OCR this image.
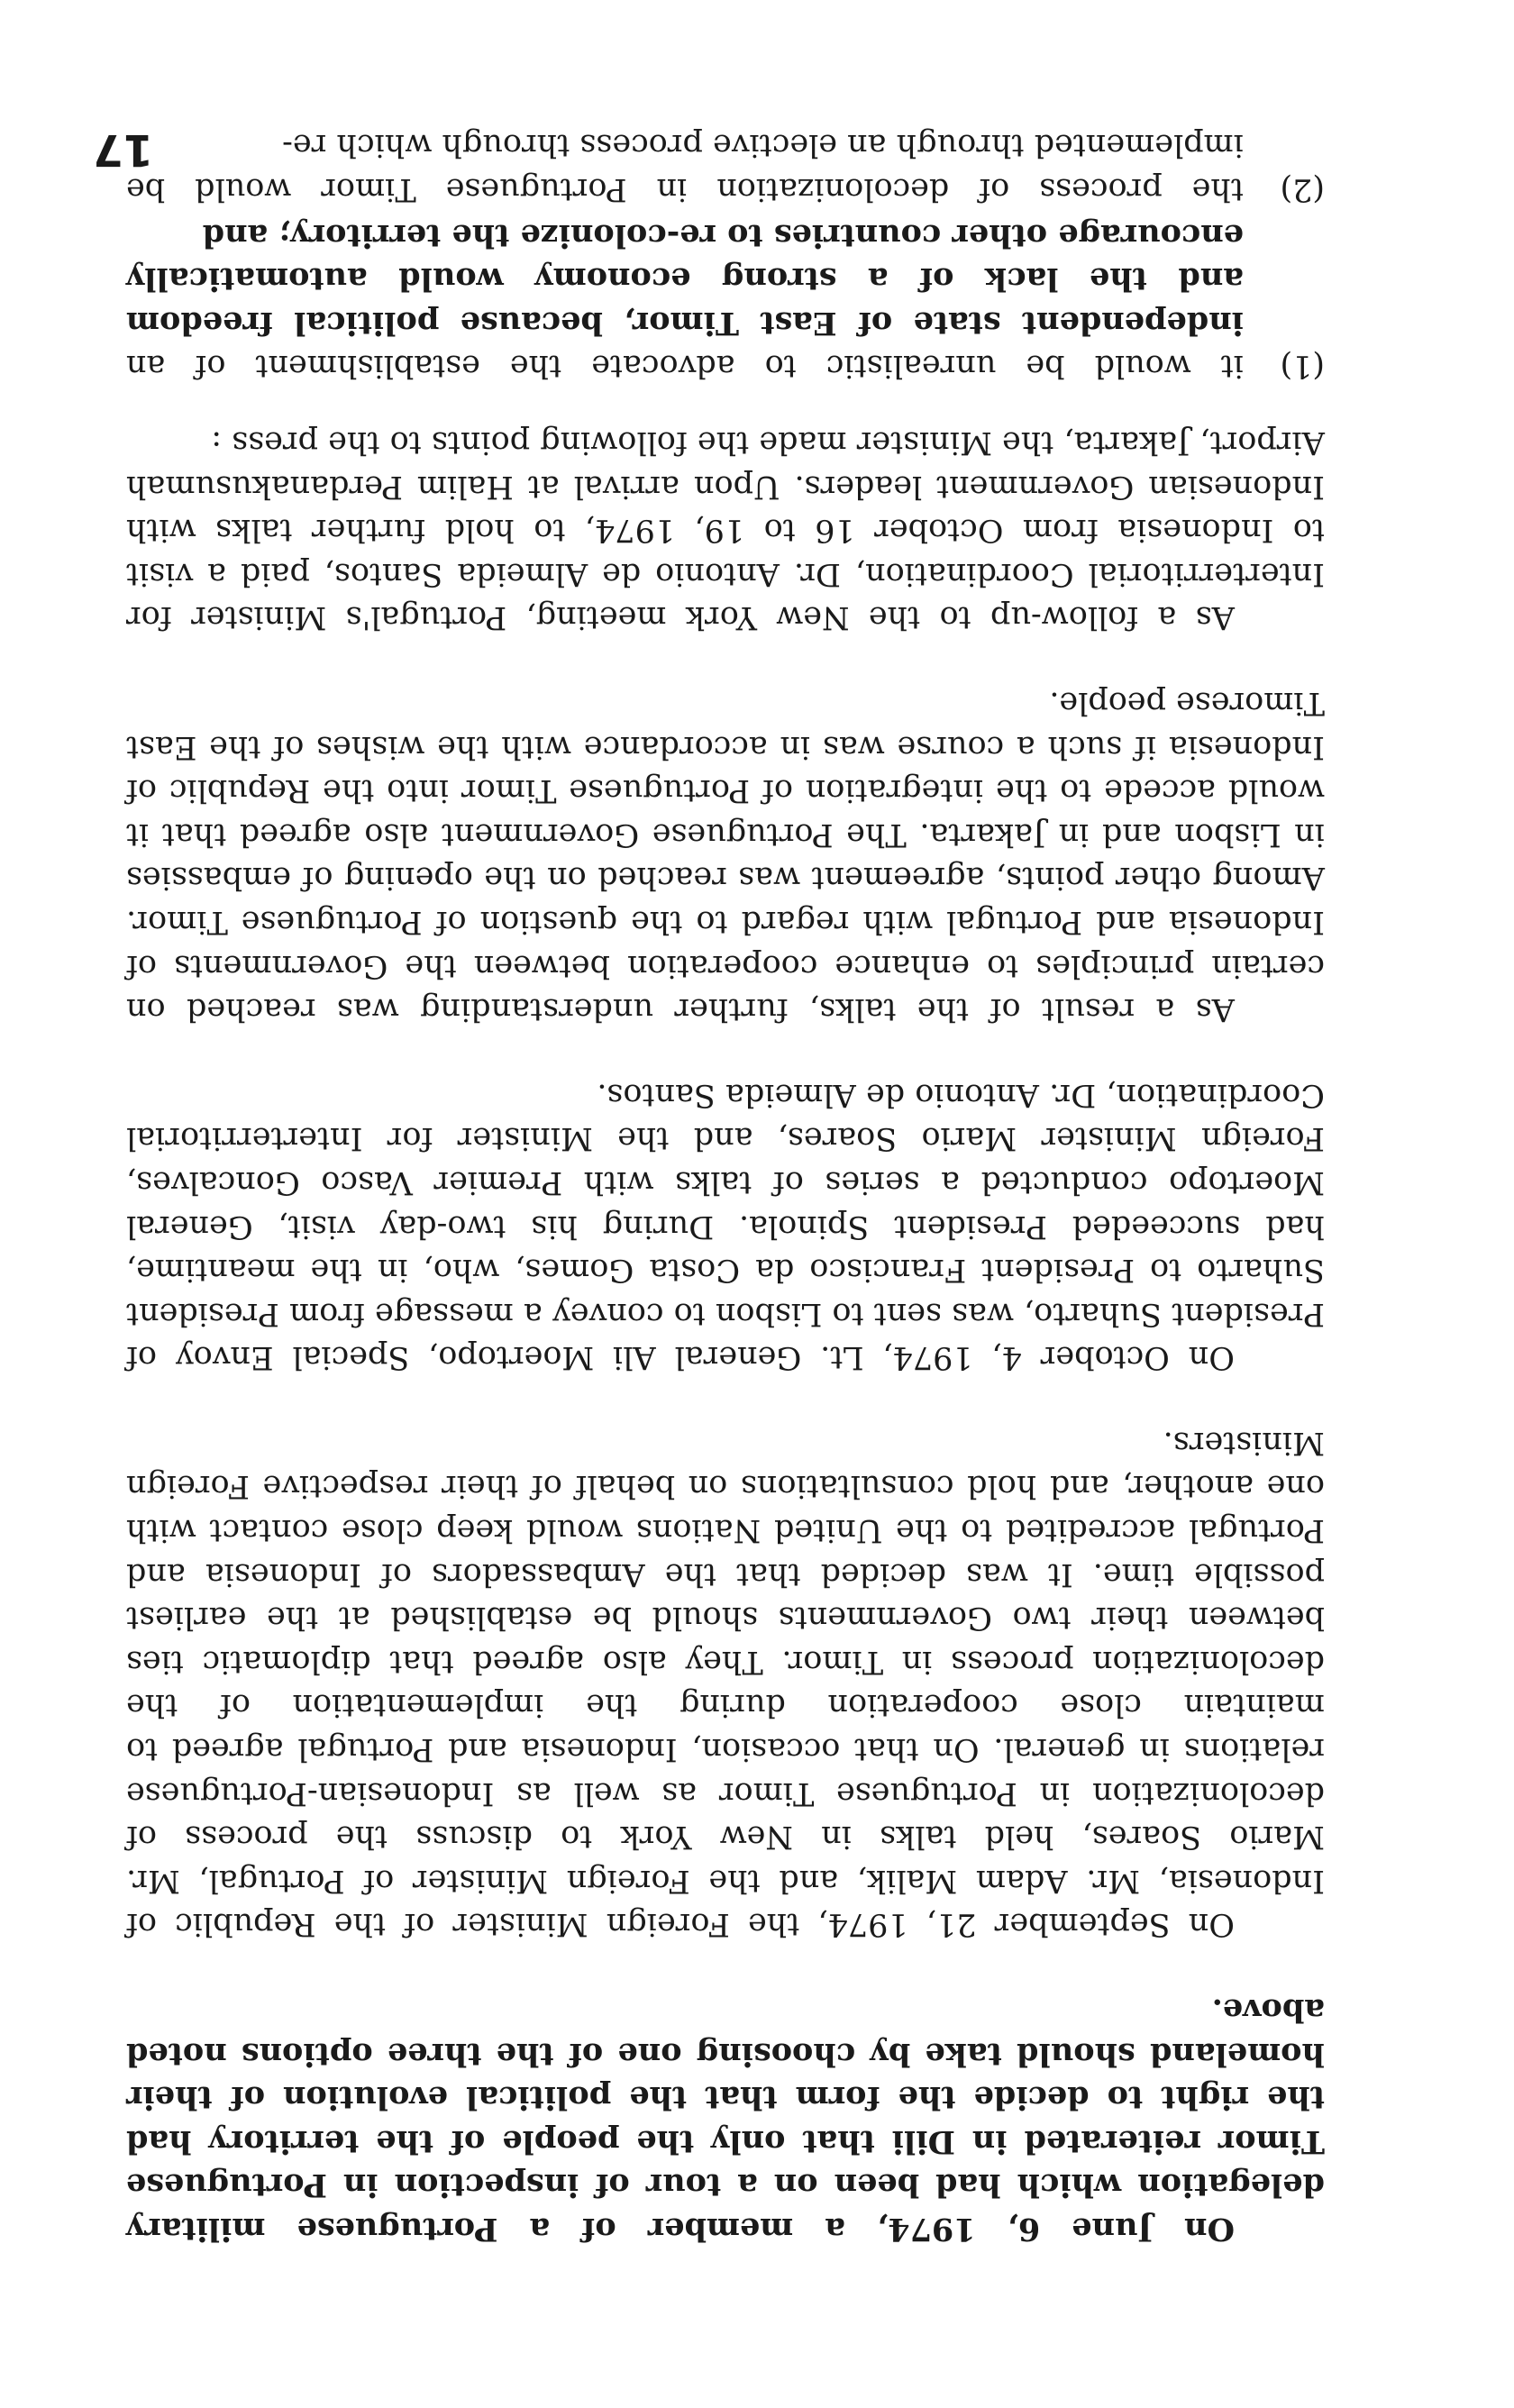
On June 6, 1974, a member of a Portuguese military delegation which had been on a tour of inspection in Portuguese Timor reiterated in Dili that only the people of the territory had the right to decide the form that the political evolution of their homeland should take by choosing one of the three options noted above.

On September 21, 1974, the Foreign Minister of the Republic of Indonesia, Mr. Adam Malik, and the Foreign Minister of Portugal, Mr. Mario Soares, held talks in New York to discuss the process of decolonization in Portuguese Timor as well as Indonesian-Portuguese relations in general. On that occasion, Indonesia and Portugal agreed to maintain close cooperation during the implementation of the decolonization process in Timor. They also agreed that diplomatic ties between their two Governments should be established at the earliest possible time. It was decided that the Ambassadors of Indonesia and Portugal accredited to the United Nations would keep close contact with one another, and hold consultations on behalf of their respective Foreign Ministers.

On October 4, 1974, Lt. General Ali Moertopo, Special Envoy of President Suharto, was sent to Lisbon to convey a message from President Suharto to President Francisco da Costa Gomes, who, in the meantime, had succeeded President Spinola. During his two-day visit, General Moertopo conducted a series of talks with Premier Vasco Goncalves, Foreign Minister Mario Soares, and the Minister for Interterritorial Coordination, Dr. Antonio de Almeida Santos.

As a result of the talks, further understanding was reached on certain principles to enhance cooperation between the Governments of Indonesia and Portugal with regard to the question of Portuguese Timor. Among other points, agreement was reached on the opening of embassies in Lisbon and in Jakarta. The Portuguese Government also agreed that it would accede to the integration of Portuguese Timor into the Republic of Indonesia if such a course was in accordance with the wishes of the East Timorese people.

As a follow-up to the New York meeting, Portugal's Minister for Interterritorial Coordination, Dr. Antonio de Almeida Santos, paid a visit to Indonesia from October 16 to 19, 1974, to hold further talks with Indonesian Government leaders. Upon arrival at Halim Perdanakusumah Airport, Jakarta, the Minister made the following points to the press :

(1)
it would be unrealistic to advocate the establishment of an independent state of East Timor, because political freedom and the lack of a strong economy would automatically encourage other countries to re-colonize the territory; and
(2)
the process of decolonization in Portuguese Timor would be implemented through an elective process through which re-
17
